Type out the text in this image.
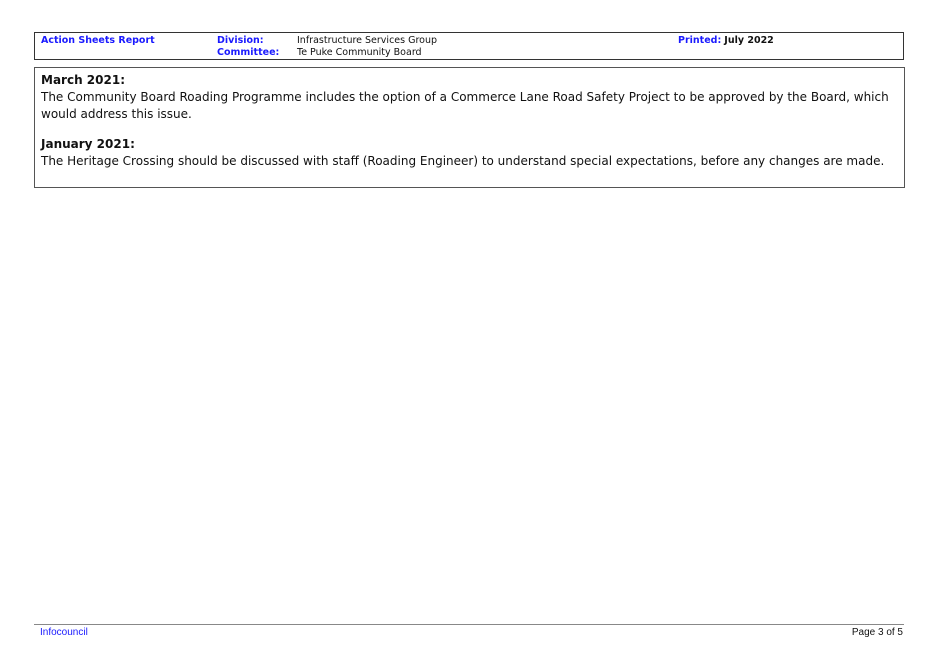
Action Sheets Report	Division:	Infrastructure Services Group
Committee: Te Puke Community Board
Printed: July 2022

March 2021:

The Community Board Roading Programme includes the option of a Commerce Lane Road Safety Project to be approved by the Board, which would address this issue.

January 2021:

The Heritage Crossing should be discussed with staff (Roading Engineer) to understand special expectations, before any changes are made.

Infocouncil	Page 3 of 5
